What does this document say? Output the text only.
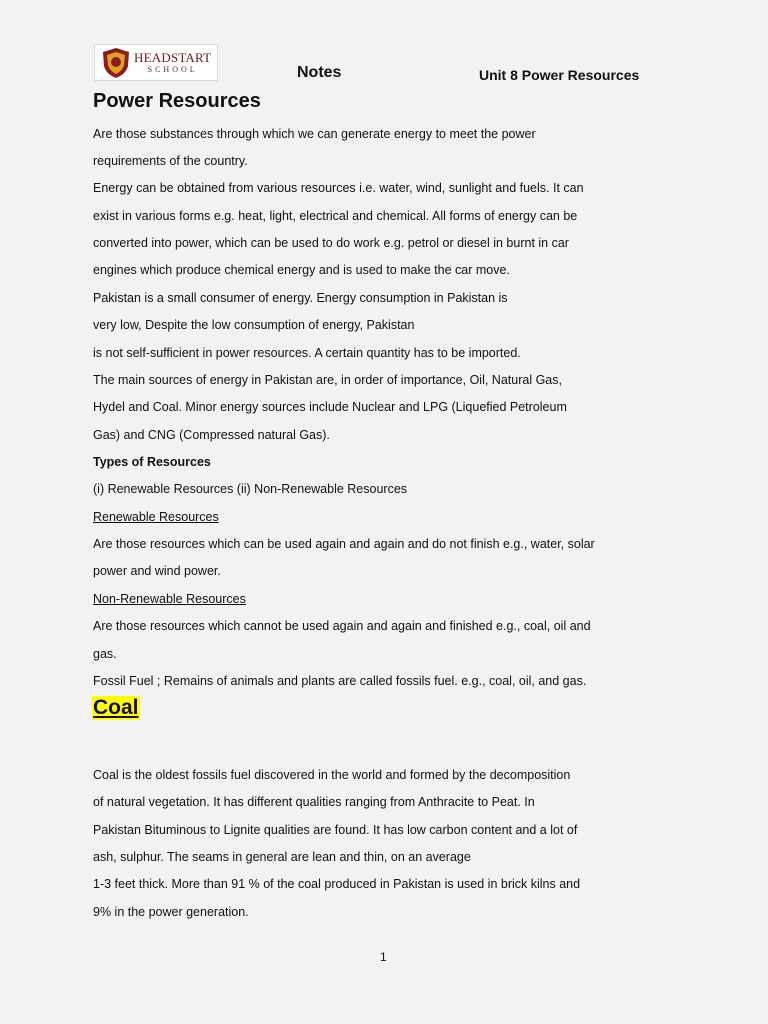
HEADSTART
SCHOOL	Notes	Unit 8 Power Resources
Power Resources

Are those substances through which we can generate energy to meet the power

requirements of the country.

Energy can be obtained from various resources i.e. water, wind, sunlight and fuels. It can

exist in various forms e.g. heat, light, electrical and chemical. All forms of energy can be

converted into power, which can be used to do work e.g. petrol or diesel in burnt in car

engines which produce chemical energy and is used to make the car move.

Pakistan is a small consumer of energy. Energy consumption in Pakistan is

very low, Despite the low consumption of energy, Pakistan

is not self-sufficient in power resources. A certain quantity has to be imported.

The main sources of energy in Pakistan are, in order of importance, Oil, Natural Gas,

Hydel and Coal. Minor energy sources include Nuclear and LPG (Liquefied Petroleum

Gas) and CNG (Compressed natural Gas).

Types of Resources

(i) Renewable Resources (ii) Non-Renewable Resources

Renewable Resources

Are those resources which can be used again and again and do not finish e.g., water, solar

power and wind power.

Non-Renewable Resources

Are those resources which cannot be used again and again and finished e.g., coal, oil and

gas.

Fossil Fuel ; Remains of animals and plants are called fossils fuel. e.g., coal, oil, and gas.

Coal

Coal is the oldest fossils fuel discovered in the world and formed by the decomposition

of natural vegetation. It has different qualities ranging from Anthracite to Peat. In

Pakistan Bituminous to Lignite qualities are found. It has low carbon content and a lot of

ash, sulphur. The seams in general are lean and thin, on an average

1-3 feet thick. More than 91 % of the coal produced in Pakistan is used in brick kilns and

9% in the power generation.

1
